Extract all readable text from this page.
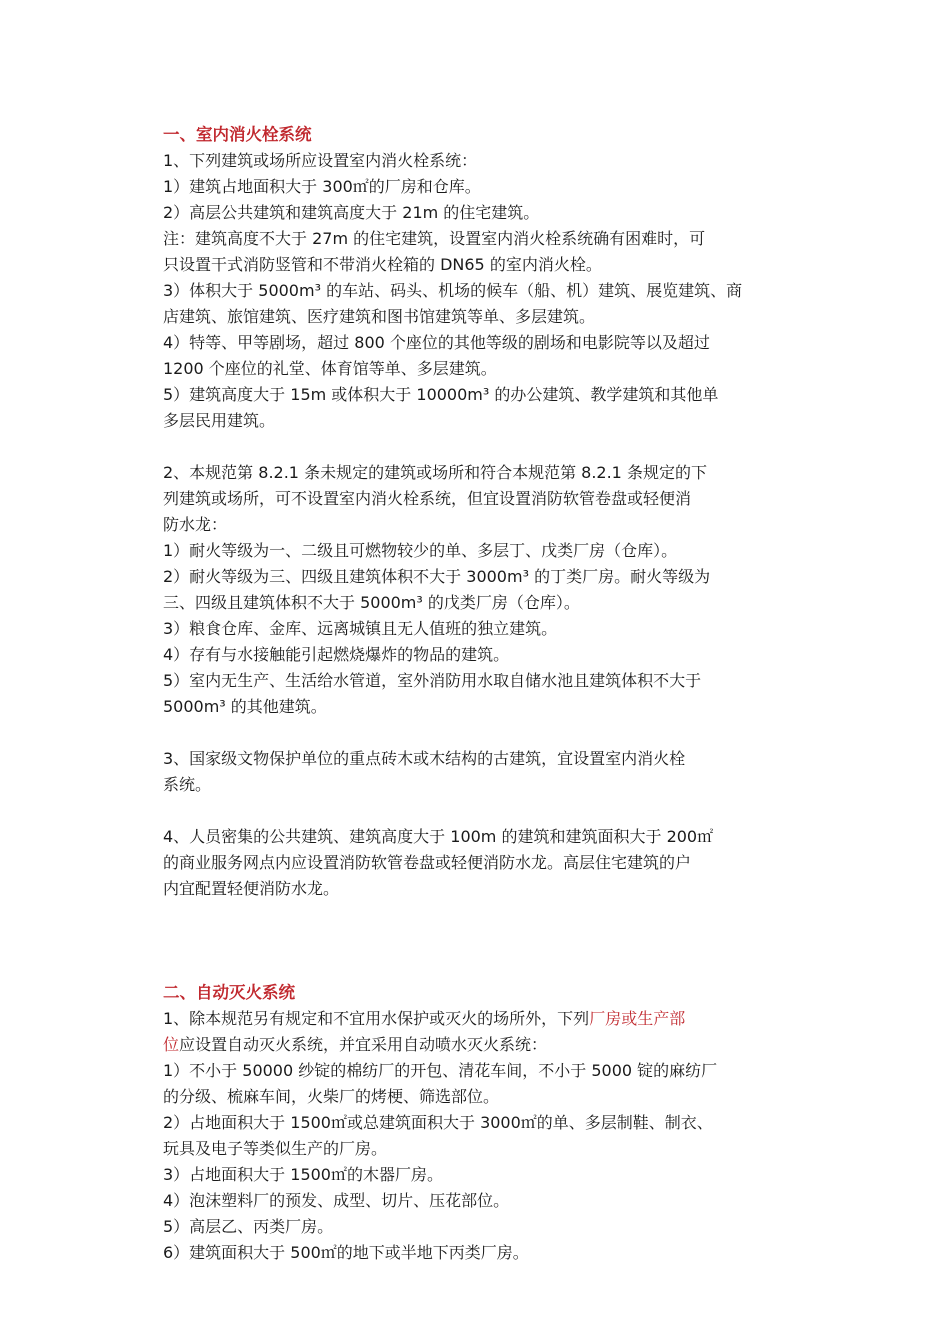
一、室内消火栓系统
1、下列建筑或场所应设置室内消火栓系统：
1）建筑占地面积大于 300㎡的厂房和仓库。
2）高层公共建筑和建筑高度大于 21m 的住宅建筑。
注：建筑高度不大于 27m 的住宅建筑，设置室内消火栓系统确有困难时，可
只设置干式消防竖管和不带消火栓箱的 DN65 的室内消火栓。
3）体积大于 5000m³ 的车站、码头、机场的候车（船、机）建筑、展览建筑、商
店建筑、旅馆建筑、医疗建筑和图书馆建筑等单、多层建筑。
4）特等、甲等剧场，超过 800 个座位的其他等级的剧场和电影院等以及超过
1200 个座位的礼堂、体育馆等单、多层建筑。
5）建筑高度大于 15m 或体积大于 10000m³ 的办公建筑、教学建筑和其他单
多层民用建筑。
2、本规范第 8.2.1 条未规定的建筑或场所和符合本规范第 8.2.1 条规定的下
列建筑或场所，可不设置室内消火栓系统，但宜设置消防软管卷盘或轻便消
防水龙：
1）耐火等级为一、二级且可燃物较少的单、多层丁、戊类厂房（仓库）。
2）耐火等级为三、四级且建筑体积不大于 3000m³ 的丁类厂房。耐火等级为
三、四级且建筑体积不大于 5000m³ 的戊类厂房（仓库）。
3）粮食仓库、金库、远离城镇且无人值班的独立建筑。
4）存有与水接触能引起燃烧爆炸的物品的建筑。
5）室内无生产、生活给水管道，室外消防用水取自储水池且建筑体积不大于
5000m³ 的其他建筑。
3、国家级文物保护单位的重点砖木或木结构的古建筑，宜设置室内消火栓
系统。
4、人员密集的公共建筑、建筑高度大于 100m 的建筑和建筑面积大于 200㎡
的商业服务网点内应设置消防软管卷盘或轻便消防水龙。高层住宅建筑的户
内宜配置轻便消防水龙。
二、自动灭火系统
1、除本规范另有规定和不宜用水保护或灭火的场所外，下列厂房或生产部
位应设置自动灭火系统，并宜采用自动喷水灭火系统：
1）不小于 50000 纱锭的棉纺厂的开包、清花车间，不小于 5000 锭的麻纺厂
的分级、梳麻车间，火柴厂的烤梗、筛选部位。
2）占地面积大于 1500㎡或总建筑面积大于 3000㎡的单、多层制鞋、制衣、
玩具及电子等类似生产的厂房。
3）占地面积大于 1500㎡的木器厂房。
4）泡沫塑料厂的预发、成型、切片、压花部位。
5）高层乙、丙类厂房。
6）建筑面积大于 500㎡的地下或半地下丙类厂房。
